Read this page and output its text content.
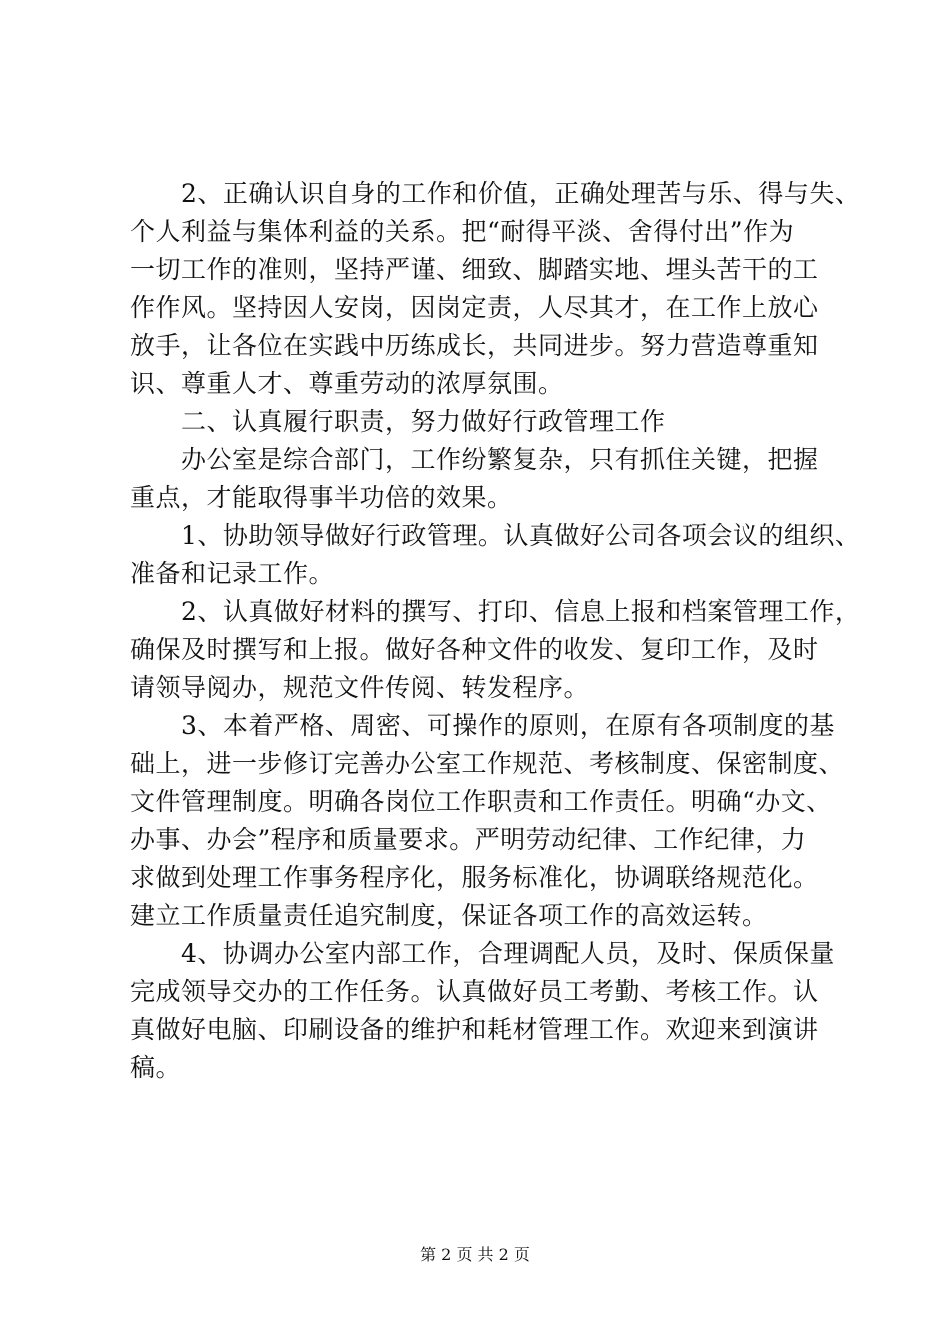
　　2、正确认识自身的工作和价值，正确处理苦与乐、得与失、
个人利益与集体利益的关系。把“耐得平淡、舍得付出”作为
一切工作的准则，坚持严谨、细致、脚踏实地、埋头苦干的工
作作风。坚持因人安岗，因岗定责，人尽其才，在工作上放心
放手，让各位在实践中历练成长，共同进步。努力营造尊重知
识、尊重人才、尊重劳动的浓厚氛围。
　　二、认真履行职责，努力做好行政管理工作
　　办公室是综合部门，工作纷繁复杂，只有抓住关键，把握
重点，才能取得事半功倍的效果。
　　1、协助领导做好行政管理。认真做好公司各项会议的组织、
准备和记录工作。
　　2、认真做好材料的撰写、打印、信息上报和档案管理工作，
确保及时撰写和上报。做好各种文件的收发、复印工作，及时
请领导阅办，规范文件传阅、转发程序。
　　3、本着严格、周密、可操作的原则，在原有各项制度的基
础上，进一步修订完善办公室工作规范、考核制度、保密制度、
文件管理制度。明确各岗位工作职责和工作责任。明确“办文、
办事、办会”程序和质量要求。严明劳动纪律、工作纪律，力
求做到处理工作事务程序化，服务标准化，协调联络规范化。
建立工作质量责任追究制度，保证各项工作的高效运转。
　　4、协调办公室内部工作，合理调配人员，及时、保质保量
完成领导交办的工作任务。认真做好员工考勤、考核工作。认
真做好电脑、印刷设备的维护和耗材管理工作。欢迎来到演讲
稿。
第 2 页 共 2 页
